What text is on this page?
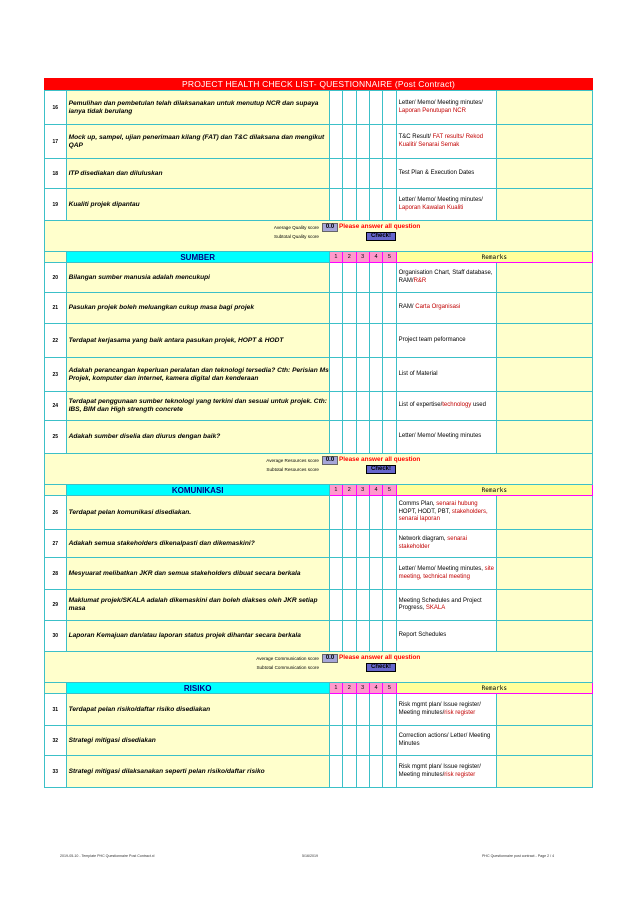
PROJECT HEALTH CHECK LIST- QUESTIONNAIRE (Post Contract)
16	Pemulihan dan pembetulan telah dilaksanakan untuk menutup NCR dan supaya ianya tidak berulang						Letter/ Memo/ Meeting minutes/ Laporan Penutupan NCR	
17	Mock up, sampel, ujian penerimaan kilang (FAT) dan T&C dilaksana dan mengikut QAP						T&C Result/ FAT results/ Rekod Kualiti/ Senarai Semak	
18	ITP disediakan dan diluluskan						Test Plan & Execution Dates	
19	Kualiti projek dipantau						Letter/ Memo/ Meeting minutes/ Laporan Kawalan Kualiti	

Average Quality score 0.0 Please answer all question
Subtotal Quality score Check!								

	SUMBER	1	2	3	4	5	Remarks	
20	Bilangan sumber manusia adalah mencukupi						Organisation Chart, Staff database, RAM/R&R	
21	Pasukan projek boleh meluangkan cukup masa bagi projek						RAM/ Carta Organisasi	
22	Terdapat kerjasama yang baik antara pasukan projek, HOPT & HODT						Project team peformance	
23	Adakah perancangan keperluan peralatan dan teknologi tersedia? Cth: Perisian Ms Projek, komputer dan internet, kamera digital dan kenderaan						List of Material	
24	Terdapat penggunaan sumber teknologi yang terkini dan sesuai untuk projek. Cth: IBS, BIM dan High strength concrete						List of expertise/technology used	
25	Adakah sumber diselia dan diurus dengan baik?						Letter/ Memo/ Meeting minutes	

Average Resources score 0.0 Please answer all question
Subtotal Resources score Check!								

	KOMUNIKASI	1	2	3	4	5	Remarks	
26	Terdapat pelan komunikasi disediakan.						Comms Plan, senarai hubung HOPT, HODT, PBT, stakeholders, senarai laporan	
27	Adakah semua stakeholders dikenalpasti dan dikemaskini?						Network diagram, senarai stakeholder	
28	Mesyuarat melibatkan JKR dan semua stakeholders dibuat secara berkala						Letter/ Memo/ Meeting minutes, site meeting, technical meeting	
29	Maklumat projek/SKALA adalah dikemaskini dan boleh diakses oleh JKR setiap masa						Meeting Schedules and Project Progress, SKALA	
30	Laporan Kemajuan dan/atau laporan status projek dihantar secara berkala						Report Schedules	

Average Communication score 0.0 Please answer all question
Subtotal Communication score Check!								

	RISIKO	1	2	3	4	5	Remarks	
31	Terdapat pelan risiko/daftar risiko disediakan						Risk mgmt plan/ Issue register/ Meeting minutes/risk register	
32	Strategi mitigasi disediakan						Correction actions/ Letter/ Meeting Minutes	
33	Strategi mitigasi dilaksanakan seperti pelan risiko/daftar risiko						Risk mgmt plan/ Issue register/ Meeting minutes/risk register	
2019-05-10 - Template PHC Questionnaire Post Contract.xl	5/16/2019	PHC Questionnaire post contract - Page 2 / 4
